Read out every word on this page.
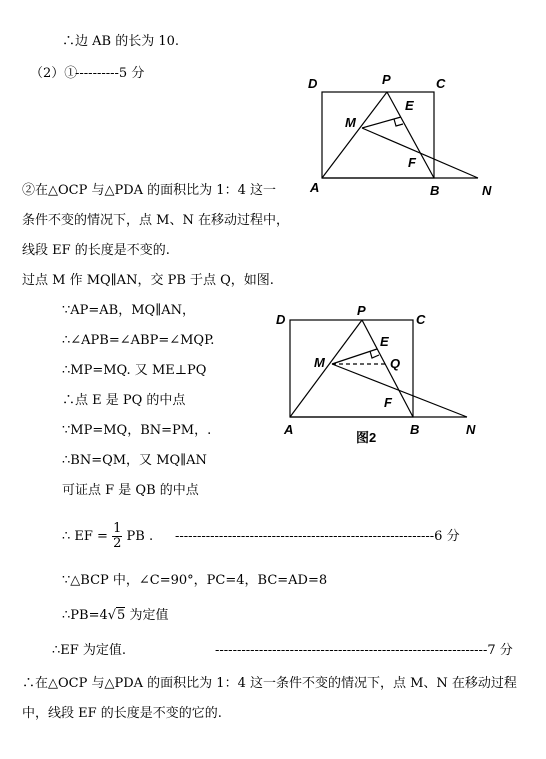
∴边 AB 的长为 10.
（2）①
----------5 分
②在△OCP 与△PDA 的面积比为 1：4 这一
条件不变的情况下，点 M、N 在移动过程中，
线段 EF 的长度是不变的.
过点 M 作 MQ∥AN，交 PB 于点 Q，如图.
∵AP=AB，MQ∥AN，
∴∠APB=∠ABP=∠MQP.
∴MP=MQ. 又 ME⊥PQ
∴点 E 是 PQ 的中点
∵MP=MQ，BN=PM，.
∴BN=QM，又 MQ∥AN
可证点 F 是 QB 的中点
∴ EF = $\frac{1}{2}$ PB . -----------------------------------------------------------6 分
∵△BCP 中，∠C=90°，PC=4，BC=AD=8
∴PB=4√5 为定值
∴EF 为定值.	--------------------------------------------------------------7 分
∴在△OCP 与△PDA 的面积比为 1：4 这一条件不变的情况下，点 M、N 在移动过程
中，线段 EF 的长度是不变的它的.
D	P	C
E
M
F
A	B	N
D
P
C
E
M	Q
F
A	B	N
图2
